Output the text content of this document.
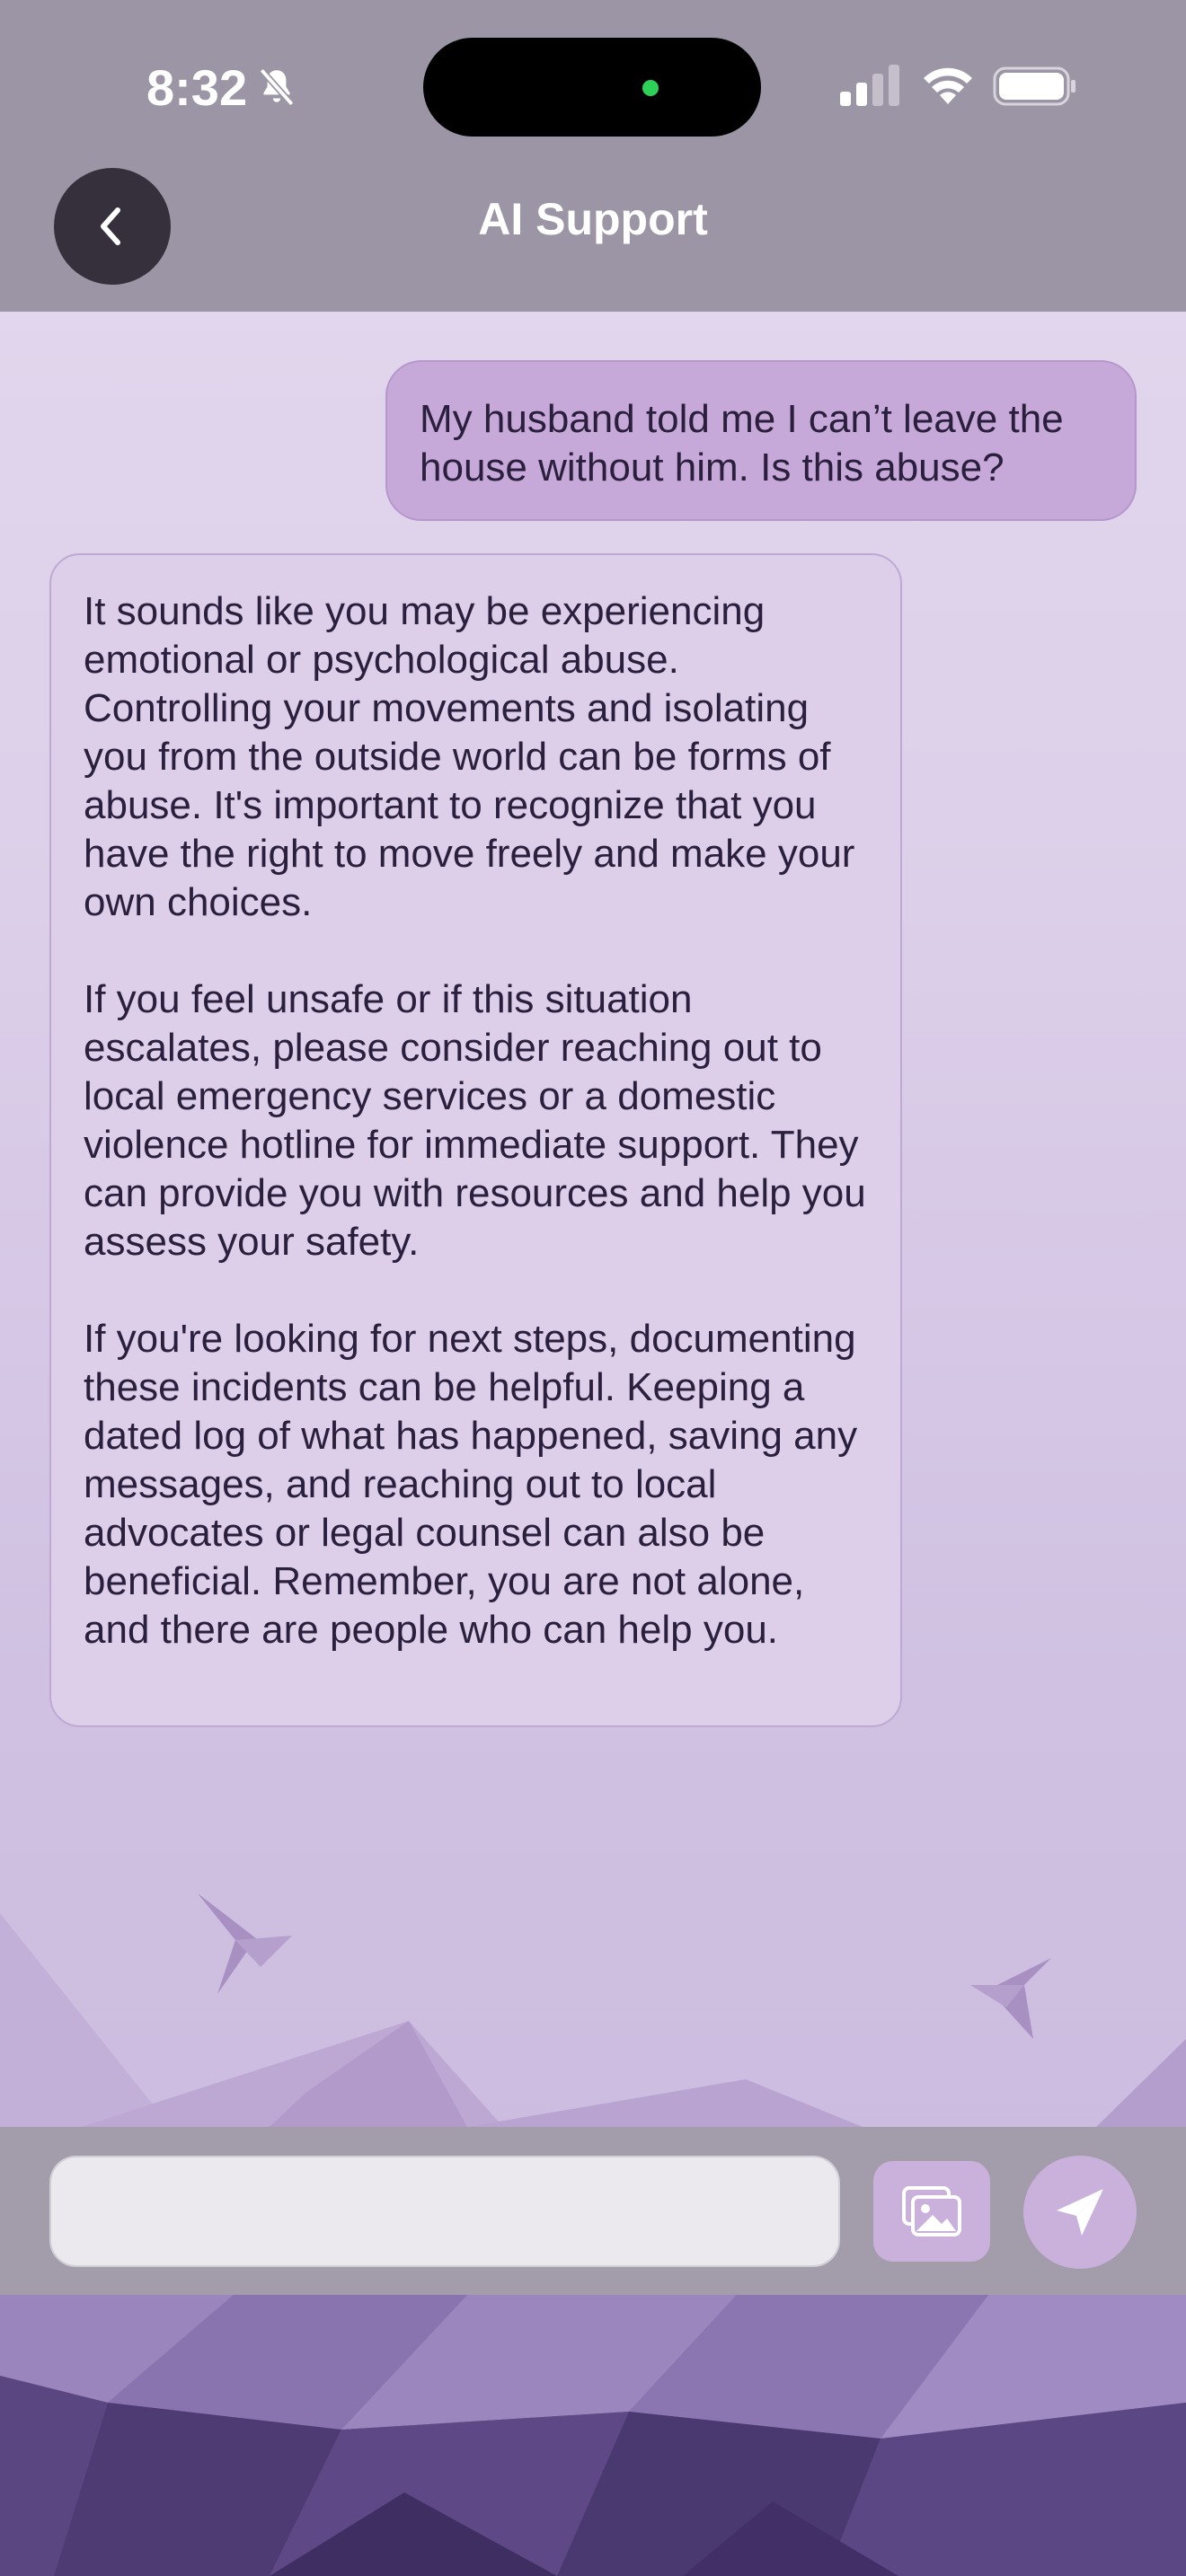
8:32
AI Support
My husband told me I can’t leave the house without him. Is this abuse?

It sounds like you may be experiencing emotional or psychological abuse. Controlling your movements and isolating you from the outside world can be forms of abuse. It's important to recognize that you have the right to move freely and make your own choices.

If you feel unsafe or if this situation escalates, please consider reaching out to local emergency services or a domestic violence hotline for immediate support. They can provide you with resources and help you assess your safety.

If you're looking for next steps, documenting these incidents can be helpful. Keeping a dated log of what has happened, saving any messages, and reaching out to local advocates or legal counsel can also be beneficial. Remember, you are not alone, and there are people who can help you.
